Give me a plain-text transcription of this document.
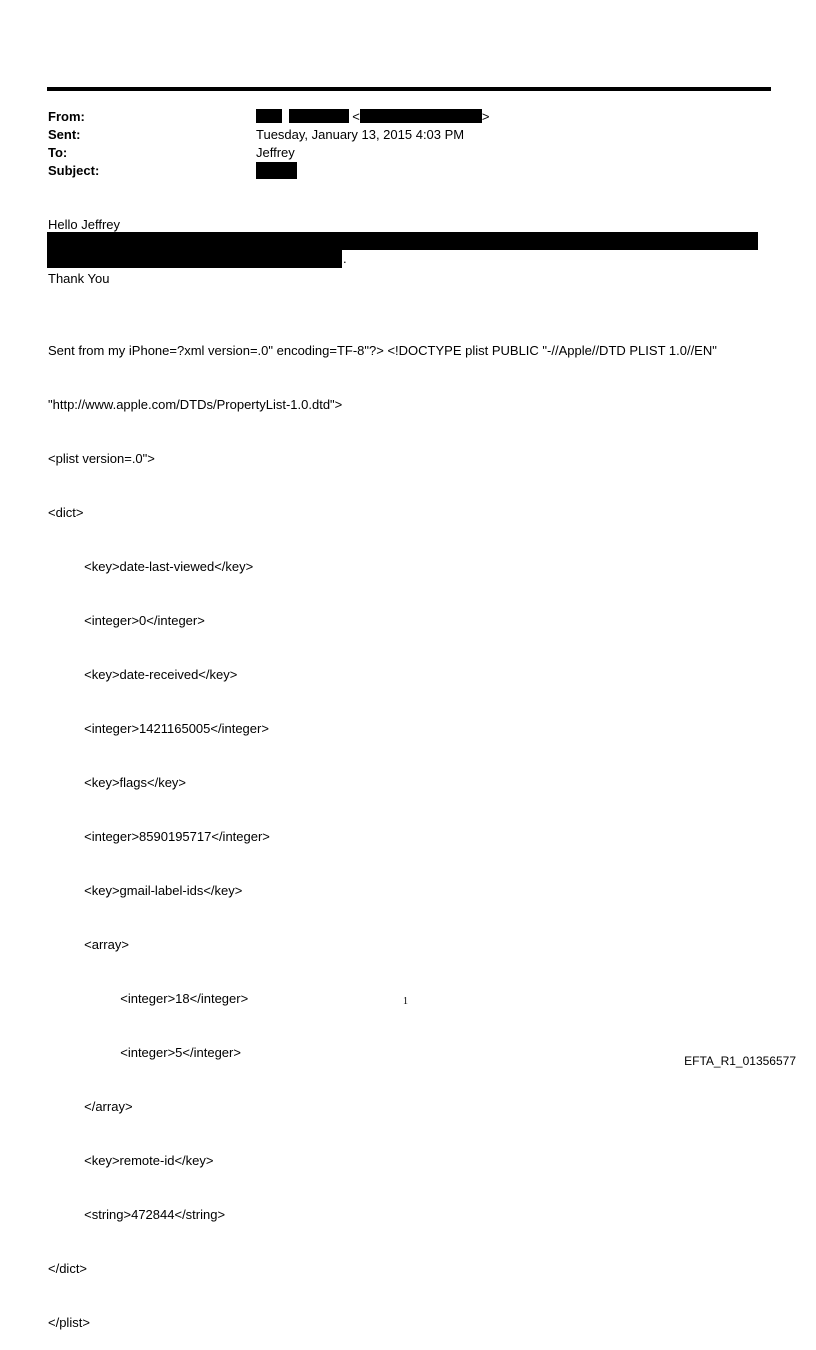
From:	<	>
Sent:	Tuesday, January 13, 2015 4:03 PM
To:	Jeffrey
Subject:
Hello Jeffrey
.
Thank You

Sent from my iPhone=?xml version=.0" encoding=TF-8"?> <!DOCTYPE plist PUBLIC "-//Apple//DTD PLIST 1.0//EN"

"http://www.apple.com/DTDs/PropertyList-1.0.dtd">

<plist version=.0">

<dict>

<key>date-last-viewed</key>

<integer>0</integer>

<key>date-received</key>

<integer>1421165005</integer>

<key>flags</key>

<integer>8590195717</integer>

<key>gmail-label-ids</key>

<array>

<integer>18</integer>

<integer>5</integer>

</array>

<key>remote-id</key>

<string>472844</string>

</dict>

</plist>

1
EFTA_R1_01356577
